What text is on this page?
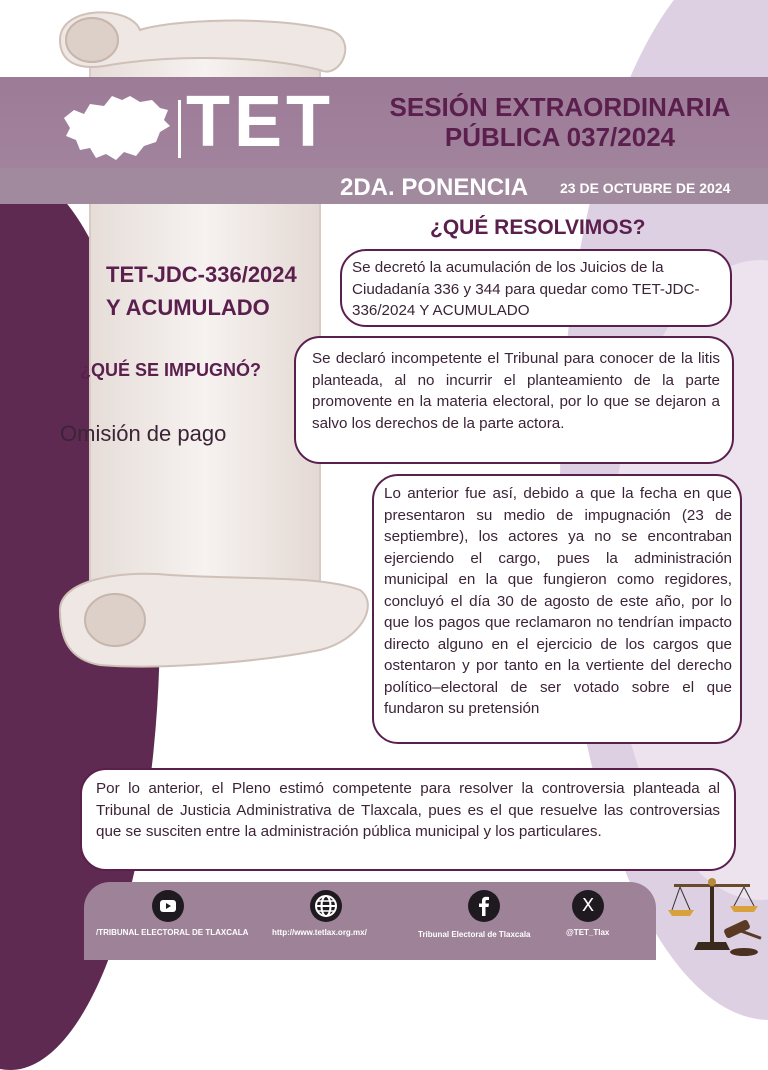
TET	SESIÓN EXTRAORDINARIA
PÚBLICA 037/2024
2DA. PONENCIA 23 DE OCTUBRE DE 2024
¿QUÉ RESOLVIMOS?
TET-JDC-336/2024
Y ACUMULADO
¿QUÉ SE IMPUGNÓ?
Omisión de pago
Se decretó la acumulación de los Juicios de la Ciudadanía 336 y 344 para quedar como TET-JDC-336/2024 Y ACUMULADO
Se declaró incompetente el Tribunal para conocer de la litis planteada, al no incurrir el planteamiento de la parte promovente en la materia electoral, por lo que se dejaron a salvo los derechos de la parte actora.
Lo anterior fue así, debido a que la fecha en que presentaron su medio de impugnación (23 de septiembre), los actores ya no se encontraban ejerciendo el cargo, pues la administración municipal en la que fungieron como regidores, concluyó el día 30 de agosto de este año, por lo que los pagos que reclamaron no tendrían impacto directo alguno en el ejercicio de los cargos que ostentaron y por tanto en la vertiente del derecho político–electoral de ser votado sobre el que fundaron su pretensión
Por lo anterior, el Pleno estimó competente para resolver la controversia planteada al Tribunal de Justicia Administrativa de Tlaxcala, pues es el que resuelve las controversias que se susciten entre la administración pública municipal y los particulares.
/TRIBUNAL ELECTORAL DE TLAXCALA	http://www.tetlax.org.mx/	Tribunal Electoral de Tlaxcala
X
@TET_Tlax
